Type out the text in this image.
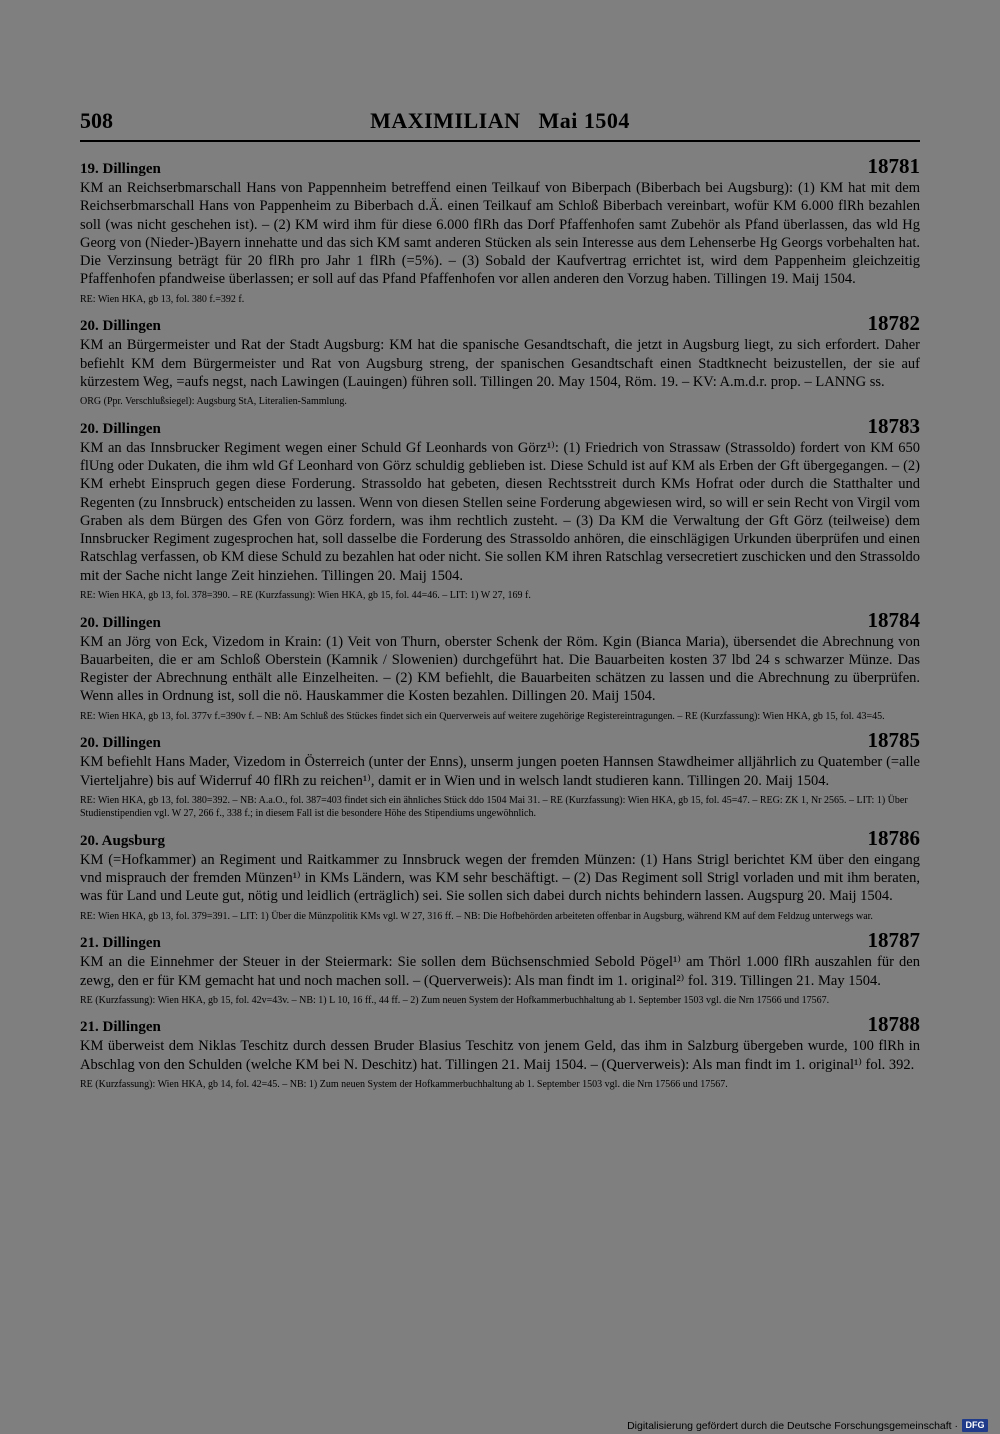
508	MAXIMILIAN   Mai 1504
19. Dillingen	18781

KM an Reichserbmarschall Hans von Pappennheim betreffend einen Teilkauf von Biberpach (Biberbach bei Augsburg): (1) KM hat mit dem Reichserbmarschall Hans von Pappenheim zu Biberbach d.Ä. einen Teilkauf am Schloß Biberbach vereinbart, wofür KM 6.000 flRh bezahlen soll (was nicht geschehen ist). – (2) KM wird ihm für diese 6.000 flRh das Dorf Pfaffenhofen samt Zubehör als Pfand überlassen, das wld Hg Georg von (Nieder-)Bayern innehatte und das sich KM samt anderen Stücken als sein Interesse aus dem Lehenserbe Hg Georgs vorbehalten hat. Die Verzinsung beträgt für 20 flRh pro Jahr 1 flRh (=5%). – (3) Sobald der Kaufvertrag errichtet ist, wird dem Pappenheim gleichzeitig Pfaffenhofen pfandweise überlassen; er soll auf das Pfand Pfaffenhofen vor allen anderen den Vorzug haben. Tillingen 19. Maij 1504.

RE: Wien HKA, gb 13, fol. 380 f.=392 f.
20. Dillingen	18782

KM an Bürgermeister und Rat der Stadt Augsburg: KM hat die spanische Gesandtschaft, die jetzt in Augsburg liegt, zu sich erfordert. Daher befiehlt KM dem Bürgermeister und Rat von Augsburg streng, der spanischen Gesandtschaft einen Stadtknecht beizustellen, der sie auf kürzestem Weg, =aufs negst, nach Lawingen (Lauingen) führen soll. Tillingen 20. May 1504, Röm. 19. – KV: A.m.d.r. prop. – LANNG ss.

ORG (Ppr. Verschlußsiegel): Augsburg StA, Literalien-Sammlung.
20. Dillingen	18783

KM an das Innsbrucker Regiment wegen einer Schuld Gf Leonhards von Görz¹⁾: (1) Friedrich von Strassaw (Strassoldo) fordert von KM 650 flUng oder Dukaten, die ihm wld Gf Leonhard von Görz schuldig geblieben ist. Diese Schuld ist auf KM als Erben der Gft übergegangen. – (2) KM erhebt Einspruch gegen diese Forderung. Strassoldo hat gebeten, diesen Rechtsstreit durch KMs Hofrat oder durch die Statthalter und Regenten (zu Innsbruck) entscheiden zu lassen. Wenn von diesen Stellen seine Forderung abgewiesen wird, so will er sein Recht von Virgil vom Graben als dem Bürgen des Gfen von Görz fordern, was ihm rechtlich zusteht. – (3) Da KM die Verwaltung der Gft Görz (teilweise) dem Innsbrucker Regiment zugesprochen hat, soll dasselbe die Forderung des Strassoldo anhören, die einschlägigen Urkunden überprüfen und einen Ratschlag verfassen, ob KM diese Schuld zu bezahlen hat oder nicht. Sie sollen KM ihren Ratschlag versecretiert zuschicken und den Strassoldo mit der Sache nicht lange Zeit hinziehen. Tillingen 20. Maij 1504.

RE: Wien HKA, gb 13, fol. 378=390. – RE (Kurzfassung): Wien HKA, gb 15, fol. 44=46. – LIT: 1) W 27, 169 f.
20. Dillingen	18784

KM an Jörg von Eck, Vizedom in Krain: (1) Veit von Thurn, oberster Schenk der Röm. Kgin (Bianca Maria), übersendet die Abrechnung von Bauarbeiten, die er am Schloß Oberstein (Kamnik / Slowenien) durchgeführt hat. Die Bauarbeiten kosten 37 lbd 24 s schwarzer Münze. Das Register der Abrechnung enthält alle Einzelheiten. – (2) KM befiehlt, die Bauarbeiten schätzen zu lassen und die Abrechnung zu überprüfen. Wenn alles in Ordnung ist, soll die nö. Hauskammer die Kosten bezahlen. Dillingen 20. Maij 1504.

RE: Wien HKA, gb 13, fol. 377v f.=390v f. – NB: Am Schluß des Stückes findet sich ein Querverweis auf weitere zugehörige Registereintragungen. – RE (Kurzfassung): Wien HKA, gb 15, fol. 43=45.
20. Dillingen	18785

KM befiehlt Hans Mader, Vizedom in Österreich (unter der Enns), unserm jungen poeten Hannsen Stawdheimer alljährlich zu Quatember (=alle Vierteljahre) bis auf Widerruf 40 flRh zu reichen¹⁾, damit er in Wien und in welsch landt studieren kann. Tillingen 20. Maij 1504.

RE: Wien HKA, gb 13, fol. 380=392. – NB: A.a.O., fol. 387=403 findet sich ein ähnliches Stück ddo 1504 Mai 31. – RE (Kurzfassung): Wien HKA, gb 15, fol. 45=47. – REG: ZK 1, Nr 2565. – LIT: 1) Über Studienstipendien vgl. W 27, 266 f., 338 f.; in diesem Fall ist die besondere Höhe des Stipendiums ungewöhnlich.
20. Augsburg	18786

KM (=Hofkammer) an Regiment und Raitkammer zu Innsbruck wegen der fremden Münzen: (1) Hans Strigl berichtet KM über den eingang vnd misprauch der fremden Münzen¹⁾ in KMs Ländern, was KM sehr beschäftigt. – (2) Das Regiment soll Strigl vorladen und mit ihm beraten, was für Land und Leute gut, nötig und leidlich (erträglich) sei. Sie sollen sich dabei durch nichts behindern lassen. Augspurg 20. Maij 1504.

RE: Wien HKA, gb 13, fol. 379=391. – LIT: 1) Über die Münzpolitik KMs vgl. W 27, 316 ff. – NB: Die Hofbehörden arbeiteten offenbar in Augsburg, während KM auf dem Feldzug unterwegs war.
21. Dillingen	18787

KM an die Einnehmer der Steuer in der Steiermark: Sie sollen dem Büchsenschmied Sebold Pögel¹⁾ am Thörl 1.000 flRh auszahlen für den zewg, den er für KM gemacht hat und noch machen soll. – (Querverweis): Als man findt im 1. original²⁾ fol. 319. Tillingen 21. May 1504.

RE (Kurzfassung): Wien HKA, gb 15, fol. 42v=43v. – NB: 1) L 10, 16 ff., 44 ff. – 2) Zum neuen System der Hofkammerbuchhaltung ab 1. September 1503 vgl. die Nrn 17566 und 17567.
21. Dillingen	18788

KM überweist dem Niklas Teschitz durch dessen Bruder Blasius Teschitz von jenem Geld, das ihm in Salzburg übergeben wurde, 100 flRh in Abschlag von den Schulden (welche KM bei N. Deschitz) hat. Tillingen 21. Maij 1504. – (Querverweis): Als man findt im 1. original¹⁾ fol. 392.

RE (Kurzfassung): Wien HKA, gb 14, fol. 42=45. – NB: 1) Zum neuen System der Hofkammerbuchhaltung ab 1. September 1503 vgl. die Nrn 17566 und 17567.
Digitalisierung gefördert durch die Deutsche Forschungsgemeinschaft · DFG
